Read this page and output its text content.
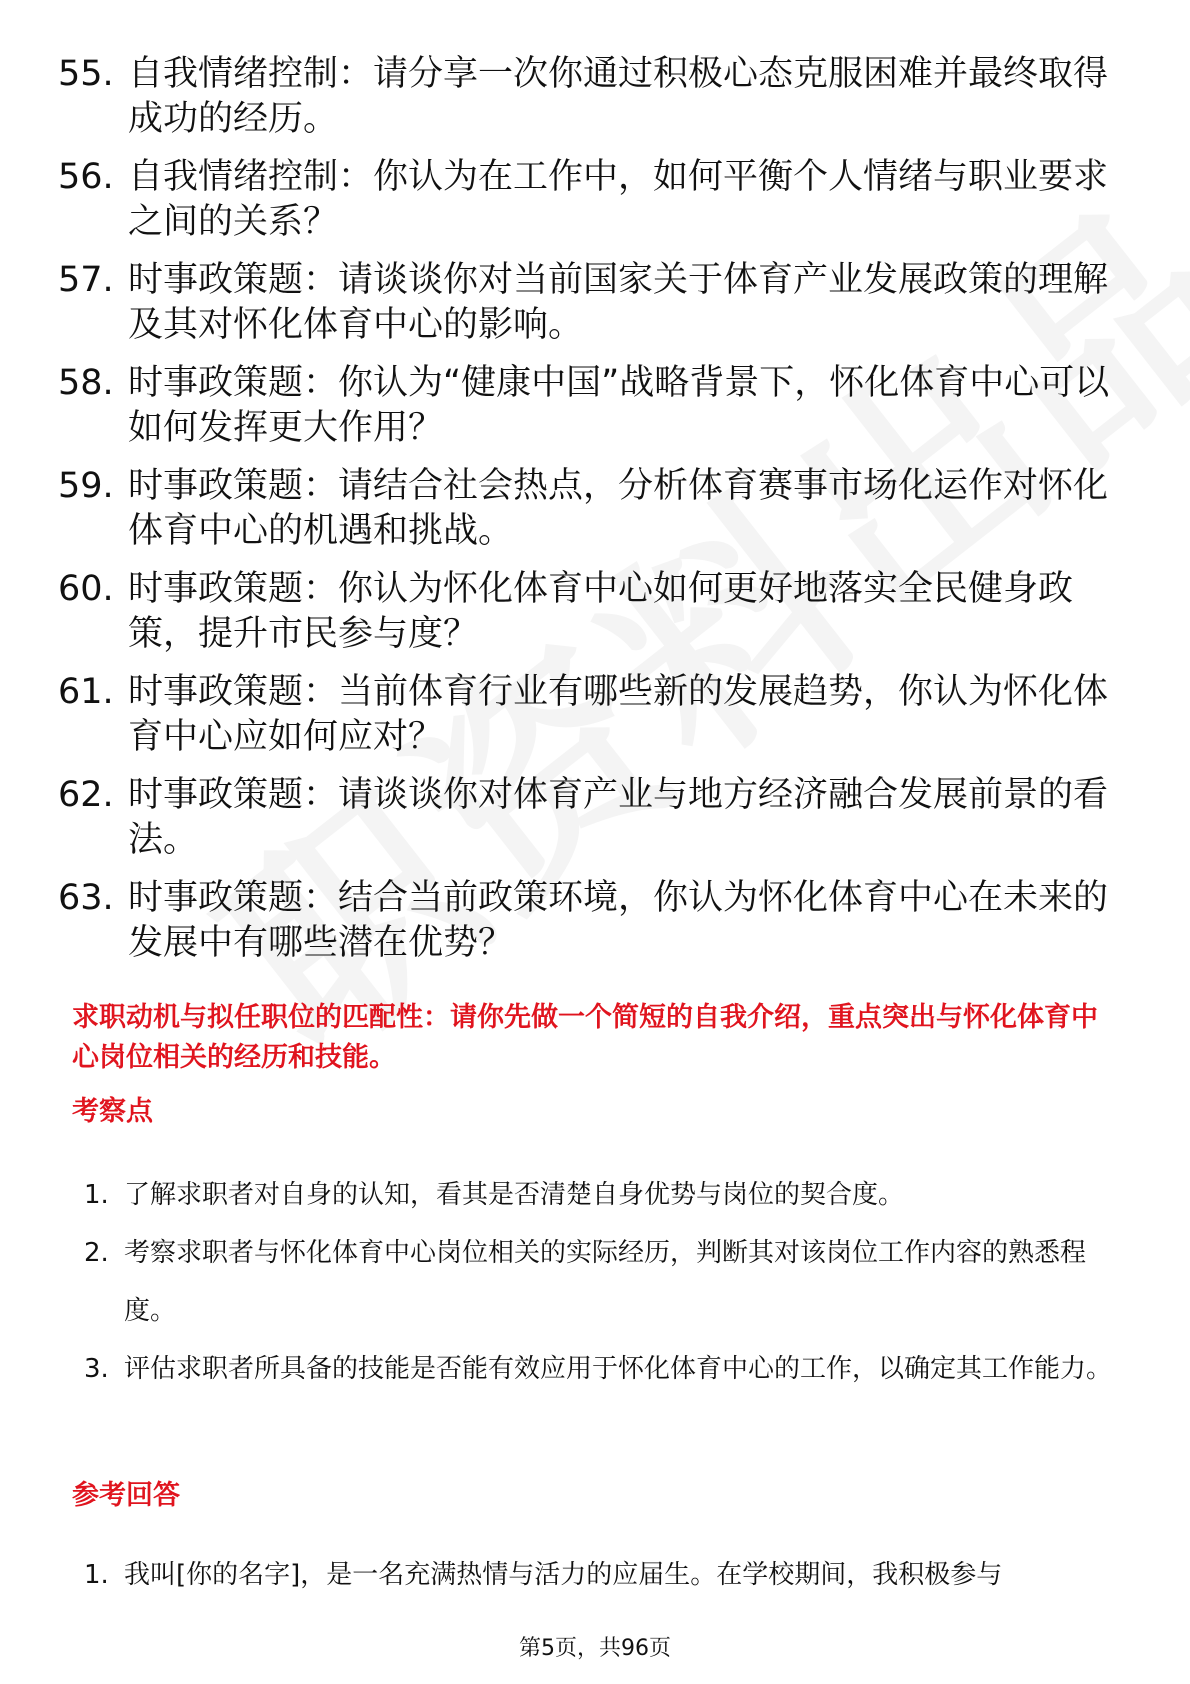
55. 自我情绪控制：请分享一次你通过积极心态克服困难并最终取得成功的经历。
56. 自我情绪控制：你认为在工作中，如何平衡个人情绪与职业要求之间的关系？
57. 时事政策题：请谈谈你对当前国家关于体育产业发展政策的理解及其对怀化体育中心的影响。
58. 时事政策题：你认为“健康中国”战略背景下，怀化体育中心可以如何发挥更大作用？
59. 时事政策题：请结合社会热点，分析体育赛事市场化运作对怀化体育中心的机遇和挑战。
60. 时事政策题：你认为怀化体育中心如何更好地落实全民健身政策，提升市民参与度？
61. 时事政策题：当前体育行业有哪些新的发展趋势，你认为怀化体育中心应如何应对？
62. 时事政策题：请谈谈你对体育产业与地方经济融合发展前景的看法。
63. 时事政策题：结合当前政策环境，你认为怀化体育中心在未来的发展中有哪些潜在优势？
求职动机与拟任职位的匹配性：请你先做一个简短的自我介绍，重点突出与怀化体育中心岗位相关的经历和技能。
考察点
1. 了解求职者对自身的认知，看其是否清楚自身优势与岗位的契合度。
2. 考察求职者与怀化体育中心岗位相关的实际经历，判断其对该岗位工作内容的熟悉程度。
3. 评估求职者所具备的技能是否能有效应用于怀化体育中心的工作，以确定其工作能力。
参考回答
1. 我叫[你的名字]，是一名充满热情与活力的应届生。在学校期间，我积极参与
第5页，共96页
